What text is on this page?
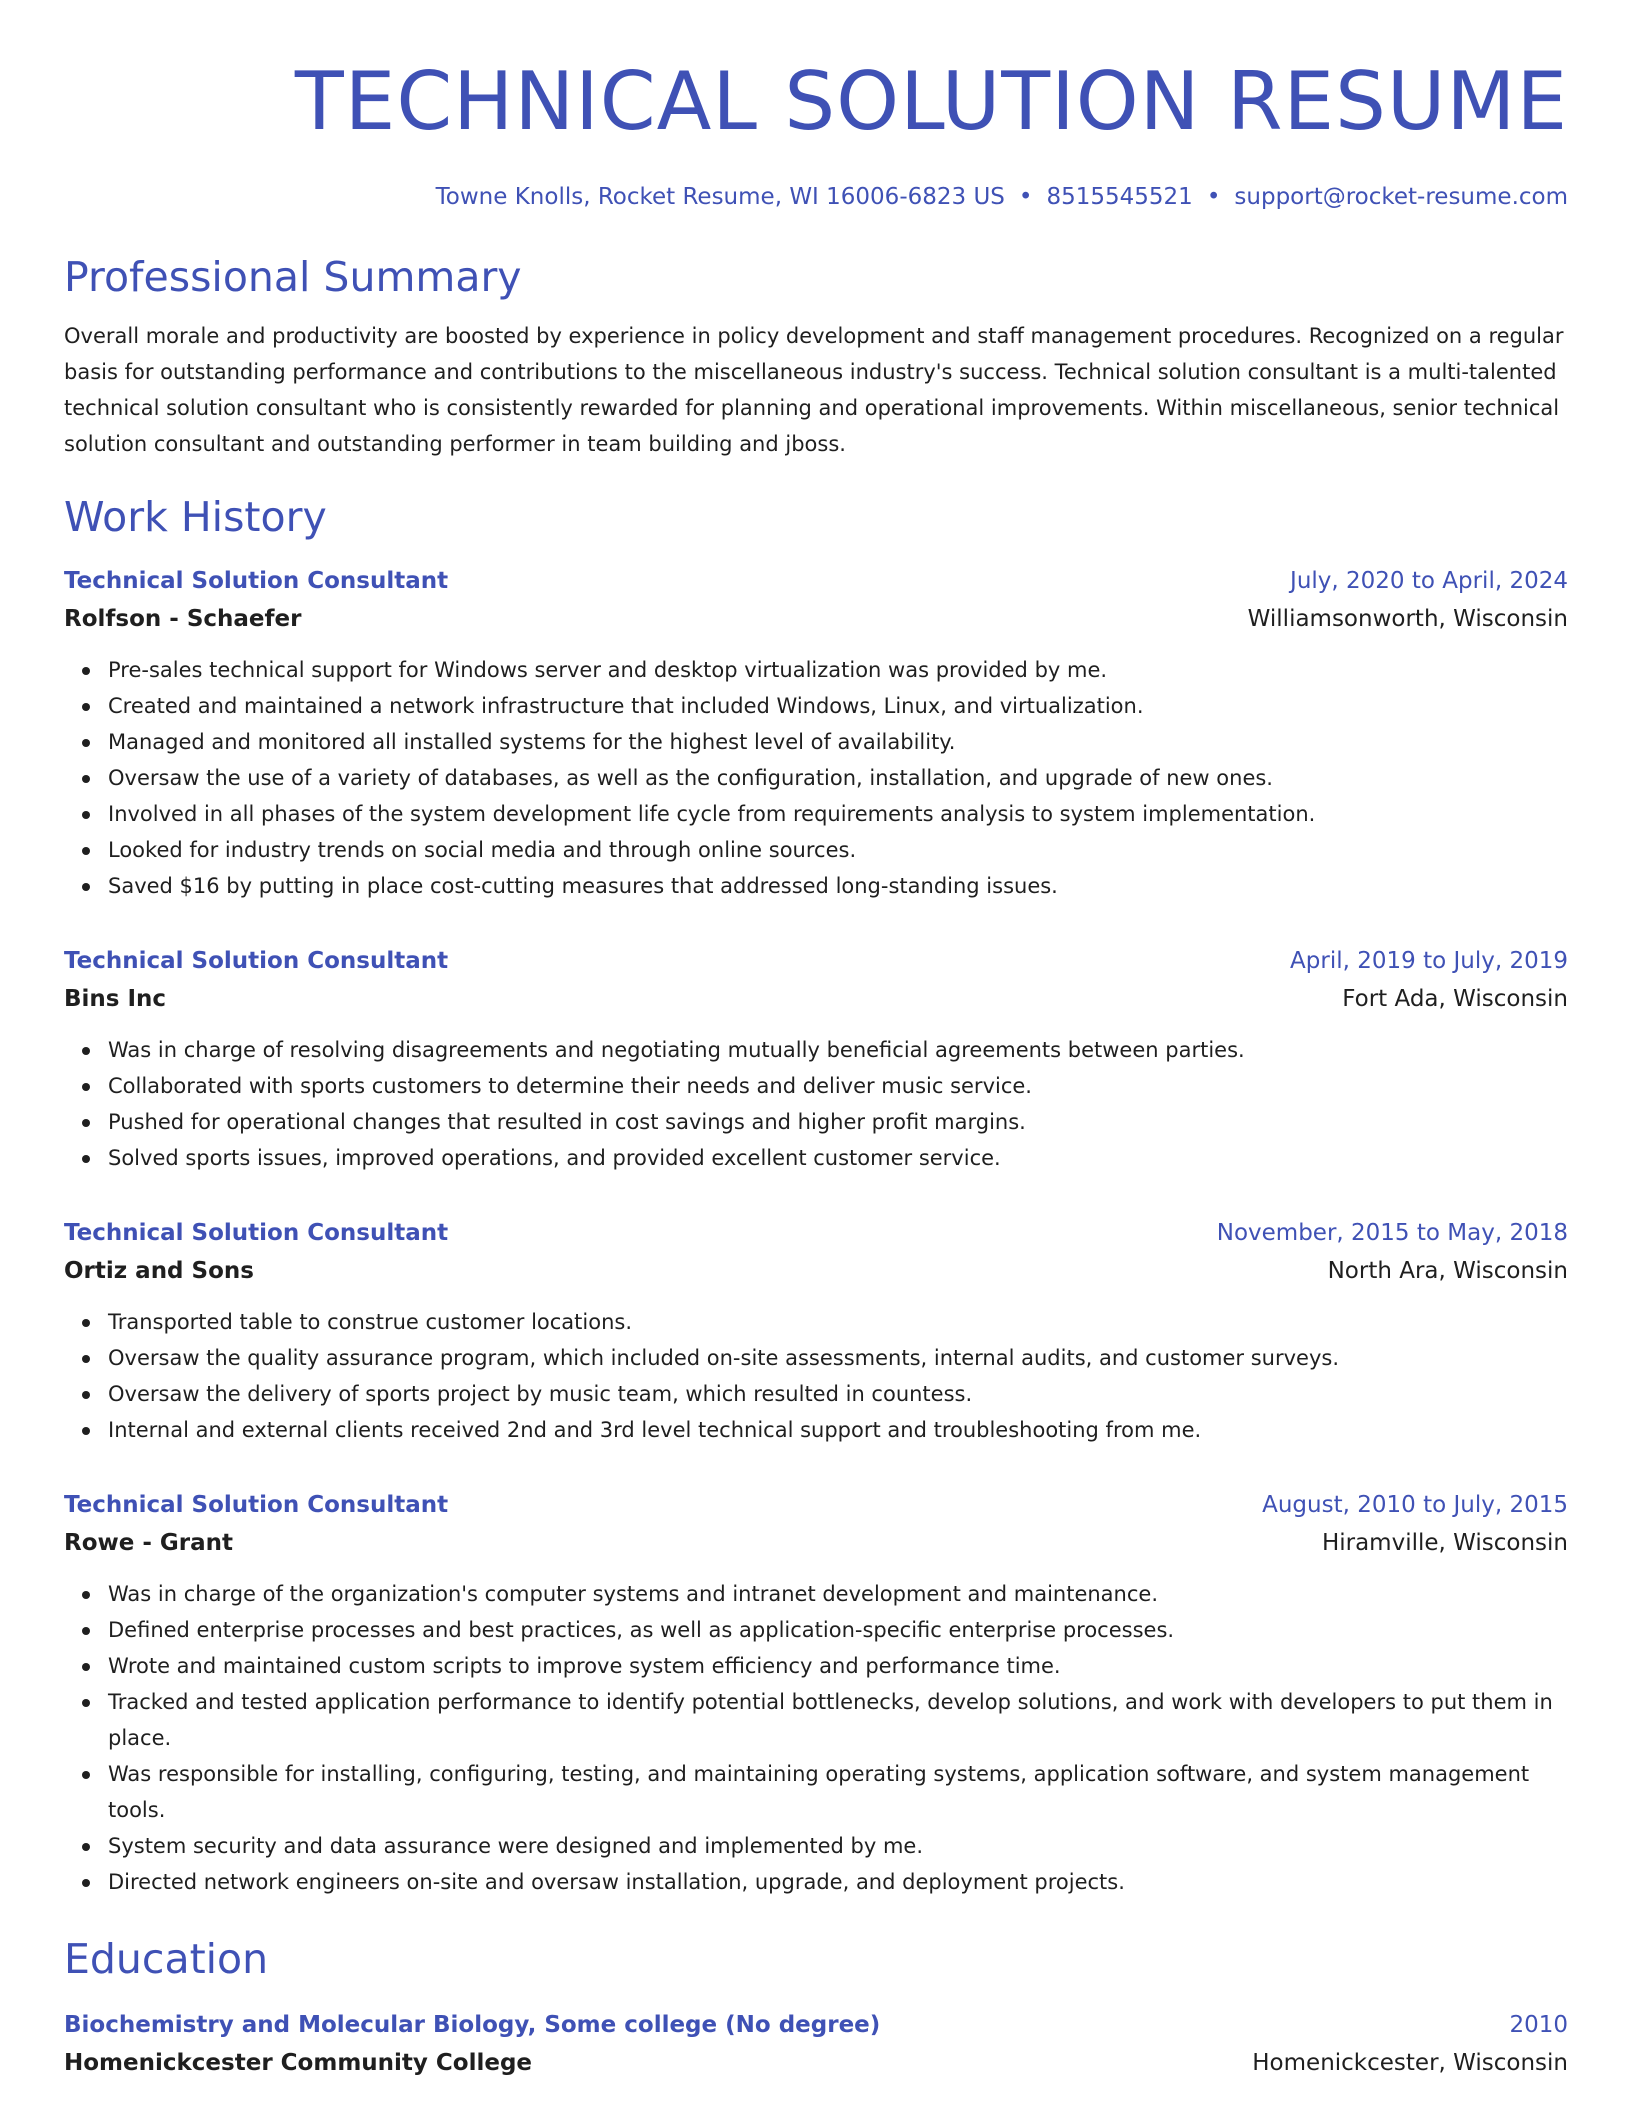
TECHNICAL SOLUTION RESUME
Towne Knolls, Rocket Resume, WI 16006-6823 US • 8515545521 • support@rocket-resume.com
Professional Summary

Overall morale and productivity are boosted by experience in policy development and staff management procedures. Recognized on a regular basis for outstanding performance and contributions to the miscellaneous industry's success. Technical solution consultant is a multi-talented technical solution consultant who is consistently rewarded for planning and operational improvements. Within miscellaneous, senior technical solution consultant and outstanding performer in team building and jboss.

Work History
Technical Solution Consultant	July, 2020 to April, 2024
Rolfson - Schaefer	Williamsonworth, Wisconsin
Pre-sales technical support for Windows server and desktop virtualization was provided by me.
Created and maintained a network infrastructure that included Windows, Linux, and virtualization.
Managed and monitored all installed systems for the highest level of availability.
Oversaw the use of a variety of databases, as well as the configuration, installation, and upgrade of new ones.
Involved in all phases of the system development life cycle from requirements analysis to system implementation.
Looked for industry trends on social media and through online sources.
Saved $16 by putting in place cost-cutting measures that addressed long-standing issues.
Technical Solution Consultant	April, 2019 to July, 2019
Bins Inc	Fort Ada, Wisconsin
Was in charge of resolving disagreements and negotiating mutually beneficial agreements between parties.
Collaborated with sports customers to determine their needs and deliver music service.
Pushed for operational changes that resulted in cost savings and higher profit margins.
Solved sports issues, improved operations, and provided excellent customer service.
Technical Solution Consultant	November, 2015 to May, 2018
Ortiz and Sons	North Ara, Wisconsin
Transported table to construe customer locations.
Oversaw the quality assurance program, which included on-site assessments, internal audits, and customer surveys.
Oversaw the delivery of sports project by music team, which resulted in countess.
Internal and external clients received 2nd and 3rd level technical support and troubleshooting from me.
Technical Solution Consultant	August, 2010 to July, 2015
Rowe - Grant	Hiramville, Wisconsin
Was in charge of the organization's computer systems and intranet development and maintenance.
Defined enterprise processes and best practices, as well as application-specific enterprise processes.
Wrote and maintained custom scripts to improve system efficiency and performance time.
Tracked and tested application performance to identify potential bottlenecks, develop solutions, and work with developers to put them in place.
Was responsible for installing, configuring, testing, and maintaining operating systems, application software, and system management tools.
System security and data assurance were designed and implemented by me.
Directed network engineers on-site and oversaw installation, upgrade, and deployment projects.
Education
Biochemistry and Molecular Biology, Some college (No degree)	2010
Homenickcester Community College	Homenickcester, Wisconsin
